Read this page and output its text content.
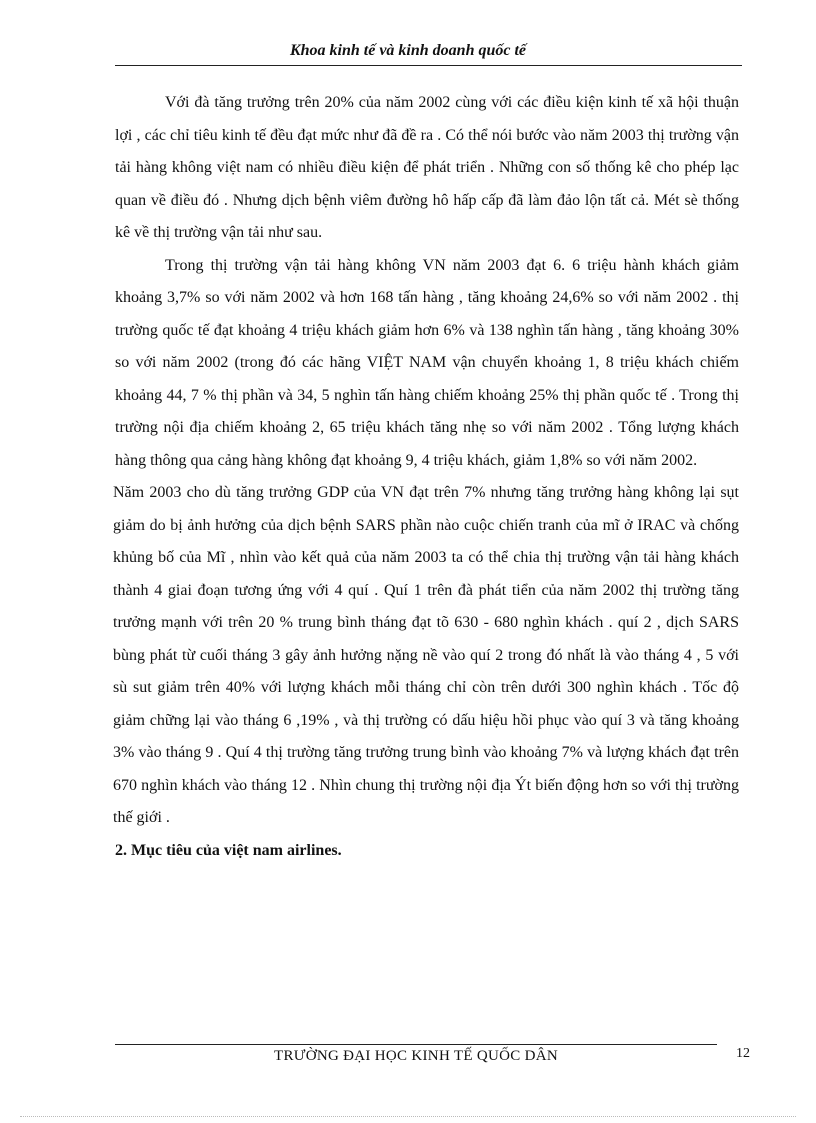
Khoa kinh tế và kinh doanh quốc tế

Với đà tăng trưởng trên 20% của năm 2002 cùng với các điều kiện kinh tế xã hội thuận lợi , các chỉ tiêu kinh tế đều đạt mức như đã đề ra . Có thể nói bước vào năm 2003 thị trường vận tải hàng không việt nam có nhiều điều kiện để phát triển . Những con số thống kê cho phép lạc quan về điều đó . Nhưng dịch bệnh viêm đường hô hấp cấp đã làm đảo lộn tất cả. Mét sè thống kê về thị trường vận tải như sau.

Trong thị trường vận tải hàng không VN năm 2003 đạt 6. 6 triệu hành khách giảm khoảng 3,7% so với năm 2002 và hơn 168 tấn hàng , tăng khoảng 24,6% so với năm 2002 . thị trường quốc tế đạt khoảng 4 triệu khách giảm hơn 6% và 138 nghìn tấn hàng , tăng khoảng 30% so với năm 2002 (trong đó các hãng VIỆT NAM vận chuyển khoảng 1, 8 triệu khách chiếm khoảng 44, 7 % thị phần và 34, 5 nghìn tấn hàng chiếm khoảng 25% thị phần quốc tế . Trong thị trường nội địa chiếm khoảng 2, 65 triệu khách tăng nhẹ so với năm 2002 . Tổng lượng khách hàng thông qua cảng hàng không đạt khoảng 9, 4 triệu khách, giảm 1,8% so với năm 2002.

Năm 2003 cho dù tăng trưởng GDP của VN đạt trên 7% nhưng tăng trưởng hàng không lại sụt giảm do bị ảnh hưởng của dịch bệnh SARS phần nào cuộc chiến tranh của mĩ ở IRAC và chống khủng bố của Mĩ , nhìn vào kết quả của năm 2003 ta có thể chia thị trường vận tải hàng khách thành 4 giai đoạn tương ứng với 4 quí . Quí 1 trên đà phát tiển của năm 2002 thị trường tăng trưởng mạnh với trên 20 % trung bình tháng đạt tõ 630 - 680 nghìn khách . quí 2 , dịch SARS bùng phát từ cuối tháng 3 gây ảnh hưởng nặng nề vào quí 2 trong đó nhất là vào tháng 4 , 5 với sù sut giảm trên 40% với lượng khách mỗi tháng chỉ còn trên dưới 300 nghìn khách . Tốc độ giảm chững lại vào tháng 6 ,19% , và thị trường có dấu hiệu hồi phục vào quí 3 và tăng khoảng 3% vào tháng 9 . Quí 4 thị trường tăng trưởng trung bình vào khoảng 7% và lượng khách đạt trên 670 nghìn khách vào tháng 12 . Nhìn chung thị trường nội địa Ýt biến động hơn so với thị trường thế giới .

2. Mục tiêu của việt nam airlines.

TRƯỜNG ĐẠI HỌC KINH TẾ QUỐC DÂN	12
